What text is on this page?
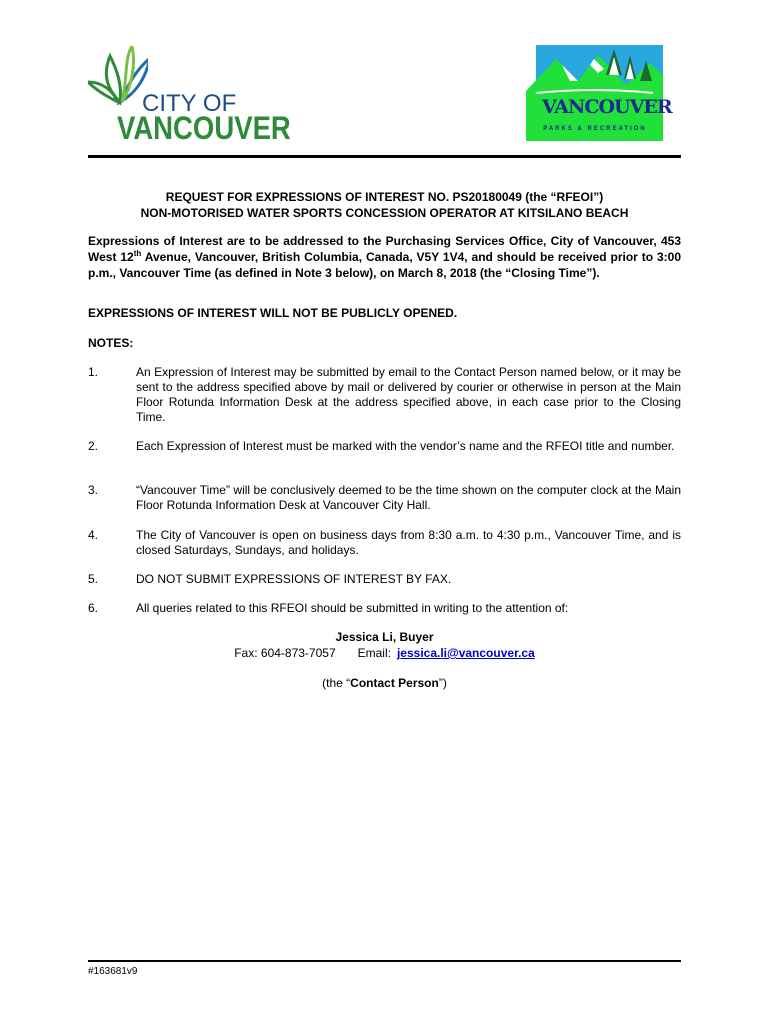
CITY OF
VANCOUVER
VANCOUVER
PARKS & RECREATION
REQUEST FOR EXPRESSIONS OF INTEREST NO. PS20180049 (the “RFEOI”)
NON-MOTORISED WATER SPORTS CONCESSION OPERATOR AT KITSILANO BEACH
Expressions of Interest are to be addressed to the Purchasing Services Office, City of Vancouver, 453 West 12th Avenue, Vancouver, British Columbia, Canada, V5Y 1V4, and should be received prior to 3:00 p.m., Vancouver Time (as defined in Note 3 below), on March 8, 2018 (the “Closing Time”).
EXPRESSIONS OF INTEREST WILL NOT BE PUBLICLY OPENED.
NOTES:
1.	An Expression of Interest may be submitted by email to the Contact Person named below, or it may be sent to the address specified above by mail or delivered by courier or otherwise in person at the Main Floor Rotunda Information Desk at the address specified above, in each case prior to the Closing Time.
2.	Each Expression of Interest must be marked with the vendor’s name and the RFEOI title and number.
3.	“Vancouver Time” will be conclusively deemed to be the time shown on the computer clock at the Main Floor Rotunda Information Desk at Vancouver City Hall.
4.	The City of Vancouver is open on business days from 8:30 a.m. to 4:30 p.m., Vancouver Time, and is closed Saturdays, Sundays, and holidays.
5.	DO NOT SUBMIT EXPRESSIONS OF INTEREST BY FAX.
6.	All queries related to this RFEOI should be submitted in writing to the attention of:
Jessica Li, Buyer
Fax: 604-873-7057 Email: jessica.li@vancouver.ca
(the “Contact Person”)
#163681v9
